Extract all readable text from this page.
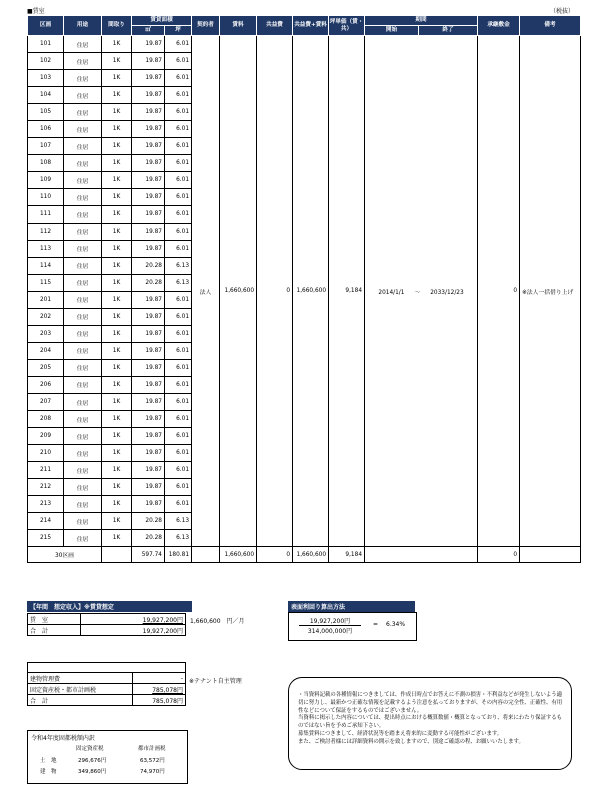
■賃室	（税抜）
区画	用途	間取り	賃貸面積		契約者	賃料	共益費	共益費+賃料	坪単価（賃・共）	期間		承継敷金	備考
			㎡	坪						開始	終了		
101	住居	1K	19.87	6.01	法人	1,660,600	0	1,660,600	9,184	2014/1/1 〜 2033/12/23		0	※法人一括借り上げ
102	住居	1K	19.87	6.01									
103	住居	1K	19.87	6.01									
104	住居	1K	19.87	6.01									
105	住居	1K	19.87	6.01									
106	住居	1K	19.87	6.01									
107	住居	1K	19.87	6.01									
108	住居	1K	19.87	6.01									
109	住居	1K	19.87	6.01									
110	住居	1K	19.87	6.01									
111	住居	1K	19.87	6.01									
112	住居	1K	19.87	6.01									
113	住居	1K	19.87	6.01									
114	住居	1K	20.28	6.13									
115	住居	1K	20.28	6.13									
201	住居	1K	19.87	6.01									
202	住居	1K	19.87	6.01									
203	住居	1K	19.87	6.01									
204	住居	1K	19.87	6.01									
205	住居	1K	19.87	6.01									
206	住居	1K	19.87	6.01									
207	住居	1K	19.87	6.01									
208	住居	1K	19.87	6.01									
209	住居	1K	19.87	6.01									
210	住居	1K	19.87	6.01									
211	住居	1K	19.87	6.01									
212	住居	1K	19.87	6.01									
213	住居	1K	19.87	6.01									
214	住居	1K	20.28	6.13									
215	住居	1K	20.28	6.13									
30区画			597.74	180.81		1,660,600	0	1,660,600	9,184			0	
【年間　想定収入】※賃貸想定
賃　室	19,927,200円
合　計	19,927,200円
1,660,600　円／月
表面利回り算出方法
19,927,200円
314,000,000円
= 6.34%

建物管理費	-
固定資産税・都市計画税	785,078円
合　計	785,078円
※テナント自主管理
令和4年度固都税額内訳
固定資産税	都市計画税
土　地	296,676円	63,572円
建　物	349,860円	74,970円
・当資料記載の各種情報につきましては、作成日時点でお答えに不測の損害・不利益などが発生しないよう適切に努力し、最新かつ正確な情報を記載するよう注意を払っておりますが、その内容の完全性、正確性、有用性などについて保証をするものではございません。
当資料に掲示した内容については、提出時点における概算数値・概算となっており、将来にわたり保証するものではない旨を予めご承知下さい。
募集賃料につきまして、経済状況等を踏まえ将来的に変動する可能性がございます。
また、ご検討者様には詳細資料の開示を致しますので、別途ご確認の程、お願いいたします。
